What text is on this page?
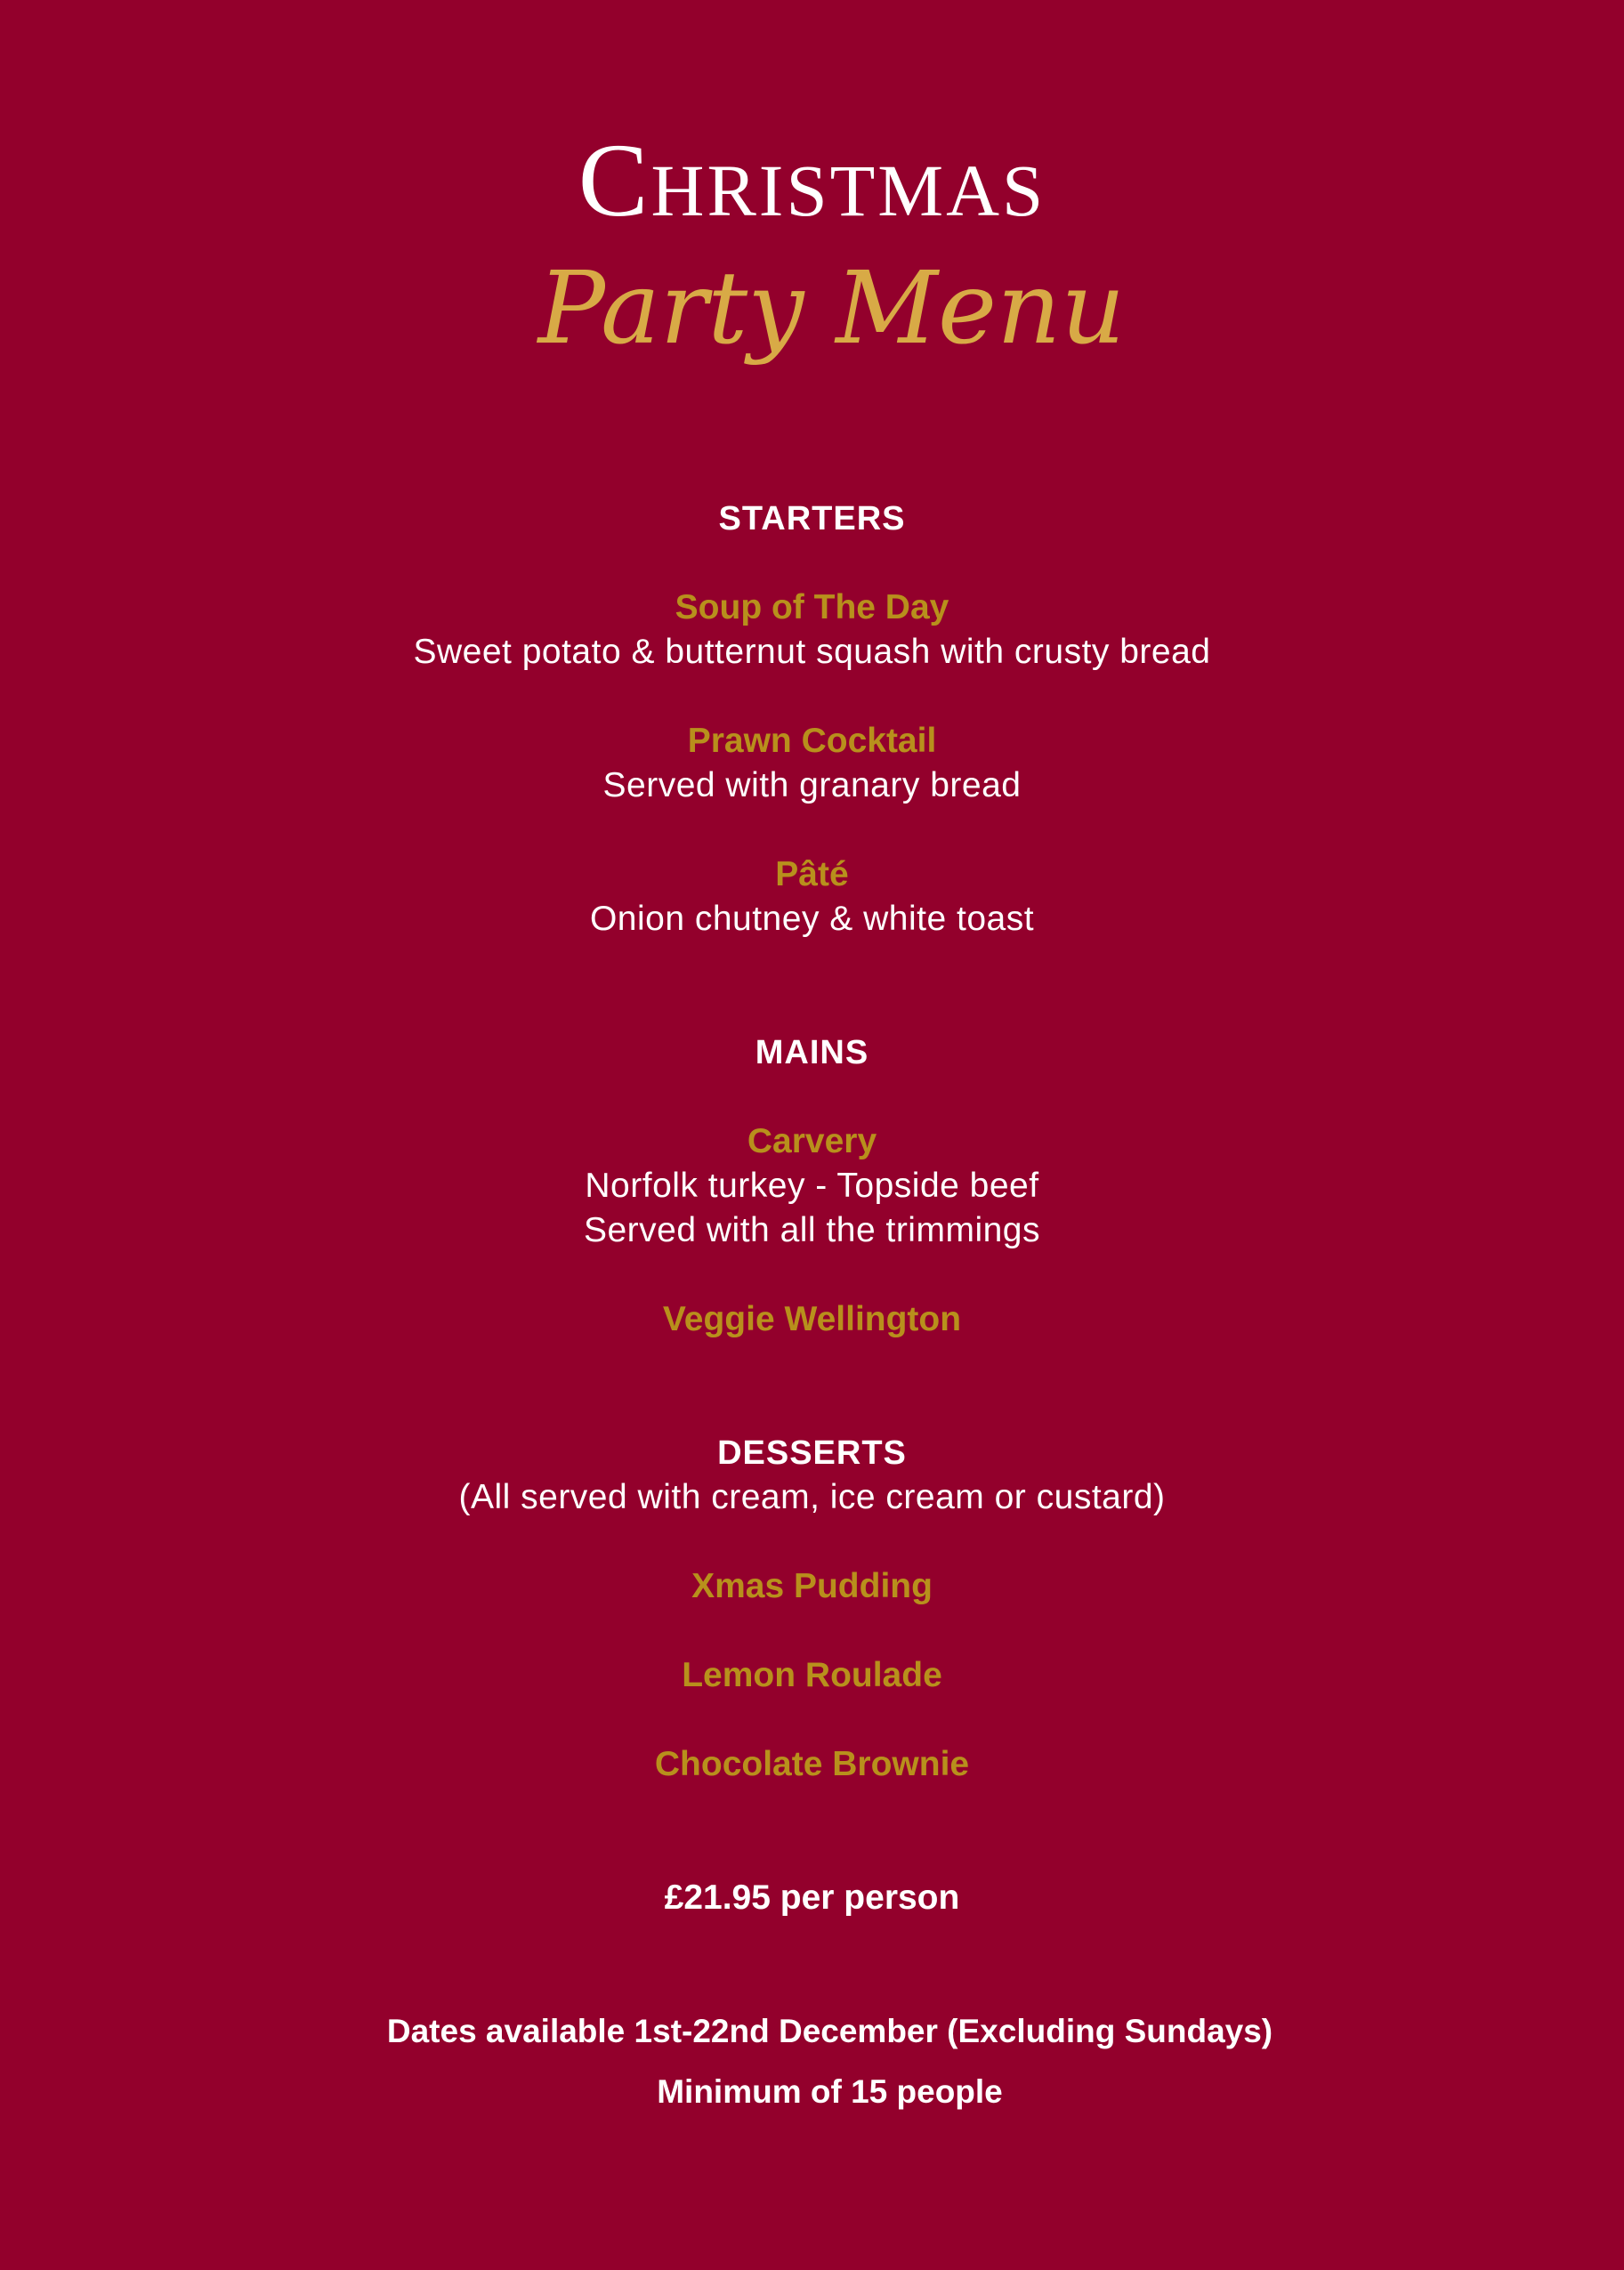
Christmas
Party Menu
STARTERS
Soup of The Day
Sweet potato & butternut squash with crusty bread
Prawn Cocktail
Served with granary bread
Pâté
Onion chutney & white toast
MAINS
Carvery
Norfolk turkey - Topside beef
Served with all the trimmings
Veggie Wellington
DESSERTS
(All served with cream, ice cream or custard)
Xmas Pudding
Lemon Roulade
Chocolate Brownie
£21.95 per person
Dates available 1st-22nd December (Excluding Sundays)
Minimum of 15 people
